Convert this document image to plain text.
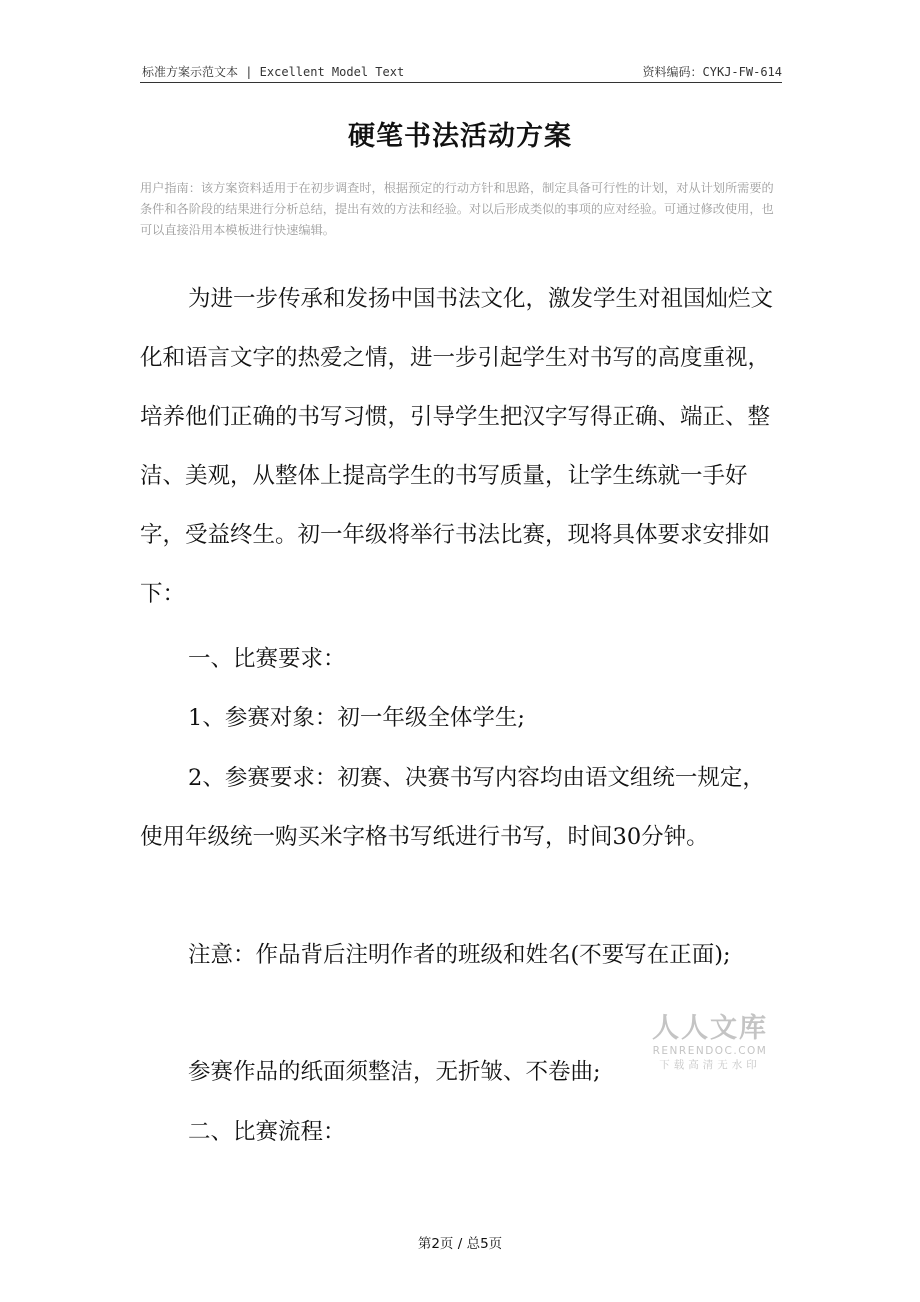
标准方案示范文本 | Excellent Model Text	资料编码：CYKJ-FW-614
硬笔书法活动方案
用户指南：该方案资料适用于在初步调查时，根据预定的行动方针和思路，制定具备可行性的计划，对从计划所需要的条件和各阶段的结果进行分析总结，提出有效的方法和经验。对以后形成类似的事项的应对经验。可通过修改使用，也可以直接沿用本模板进行快速编辑。

为进一步传承和发扬中国书法文化，激发学生对祖国灿烂文化和语言文字的热爱之情，进一步引起学生对书写的高度重视，培养他们正确的书写习惯，引导学生把汉字写得正确、端正、整洁、美观，从整体上提高学生的书写质量，让学生练就一手好字，受益终生。初一年级将举行书法比赛，现将具体要求安排如下：

一、比赛要求：

1、参赛对象：初一年级全体学生;

2、参赛要求：初赛、决赛书写内容均由语文组统一规定，使用年级统一购买米字格书写纸进行书写，时间30分钟。

注意：作品背后注明作者的班级和姓名(不要写在正面);

参赛作品的纸面须整洁，无折皱、不卷曲;

二、比赛流程：

人人文库
RENRENDOC.COM
下载高清无水印
第2页 / 总5页
